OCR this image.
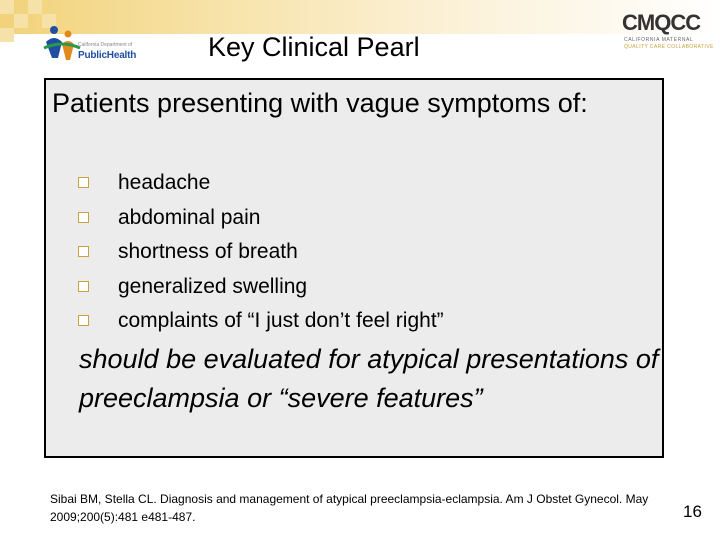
California Department of
PublicHealth
CMQCC
CALIFORNIA MATERNAL
QUALITY CARE COLLABORATIVE
Key Clinical Pearl

Patients presenting with vague symptoms of:

headache
abdominal pain
shortness of breath
generalized swelling
complaints of “I just don’t feel right”

should be evaluated for atypical presentations of preeclampsia or “severe features”

Sibai BM, Stella CL. Diagnosis and management of atypical preeclampsia-eclampsia. Am J Obstet Gynecol. May 2009;200(5):481 e481-487.	16
